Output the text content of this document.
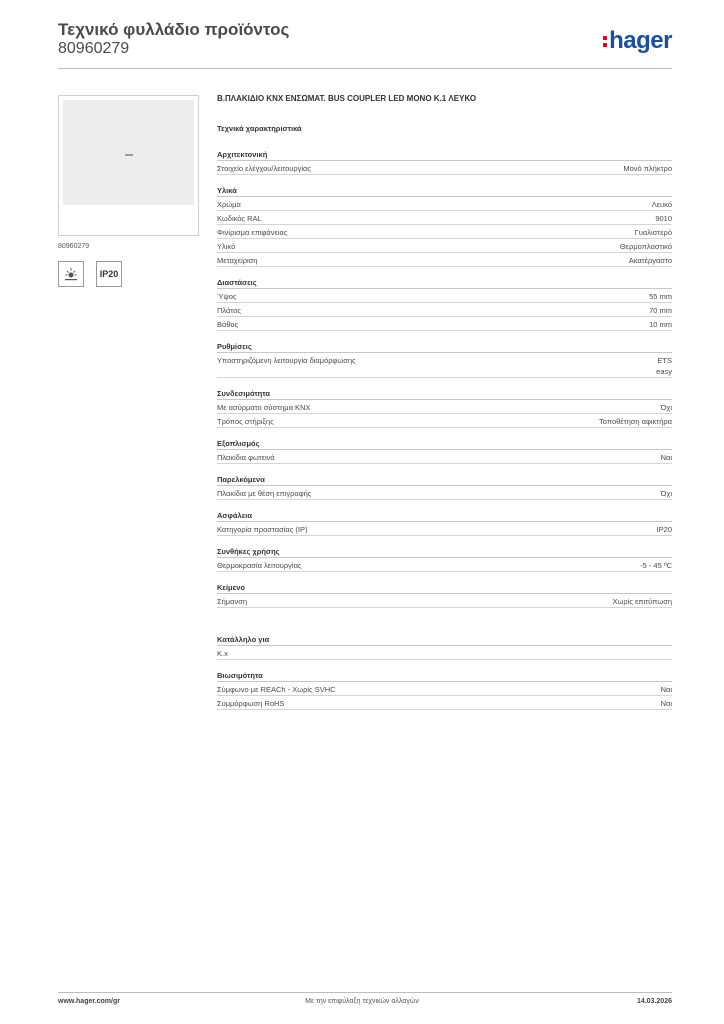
Τεχνικό φυλλάδιο προϊόντος
80960279	hager
80960279
IP20
Β.ΠΛΑΚΙΔΙΟ KNX ΕΝΣΩΜΑΤ. BUS COUPLER LED MONO K.1 ΛΕΥΚΟ
Τεχνικά χαρακτηριστικά
Αρχιτεκτονική
Στοιχείο ελέγχου/λειτουργίας	Μονό πλήκτρο
Υλικά
Χρώμα	Λευκό
Κωδικός RAL	9010
Φινίρισμα επιφάνειας	Γυαλιστερό
Υλικό	Θερμοπλαστικό
Μεταχείριση	Ακατέργαστο
Διαστάσεις
Ύψος	55 mm
Πλάτος	70 mm
Βάθος	10 mm
Ρυθμίσεις
Υποστηριζόμενη λειτουργία διαμόρφωσης	ETS
easy
Συνδεσιμότητα
Με ασύρματο σύστημα KNX	Όχι
Τρόπος στήριξης	Τοποθέτηση αφικτήρα
Εξοπλισμός
Πλακίδια φωτεινά	Ναι
Παρελκόμενα
Πλακίδια με θέση επιγραφής	Όχι
Ασφάλεια
Κατηγορία προστασίας (IP)	IP20
Συνθήκες χρήσης
Θερμοκρασία λειτουργίας	-5 - 45 ºC
Κείμενο
Σήμανση	Χωρίς επιτύπωση
Κατάλληλο για
K.x
Βιωσιμότητα
Σύμφωνο με REACh - Χωρίς SVHC	Ναι
Συμμόρφωση RoHS	Ναι
www.hager.com/gr	Με την επιφύλαξη τεχνικών αλλαγών	14.03.2026
